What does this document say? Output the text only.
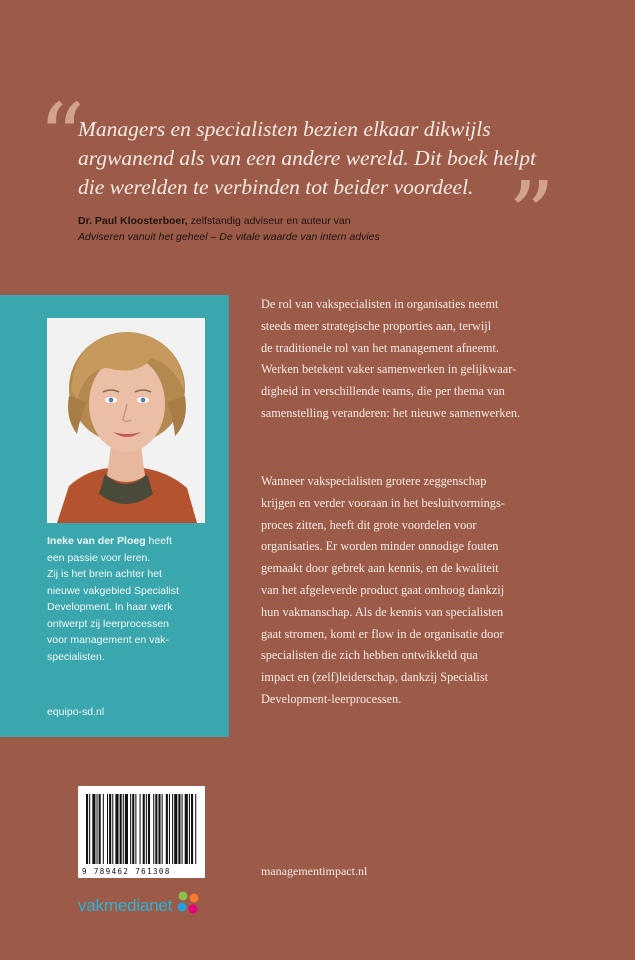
“
Managers en specialisten bezien elkaar dikwijls
argwanend als van een andere wereld. Dit boek helpt
die werelden te verbinden tot beider voordeel. ”
Dr. Paul Kloosterboer, zelfstandig adviseur en auteur van
Adviseren vanuit het geheel – De vitale waarde van intern advies
Ineke van der Ploeg heeft
een passie voor leren.
Zij is het brein achter het
nieuwe vakgebied Specialist
Development. In haar werk
ontwerpt zij leerprocessen
voor management en vak-
specialisten.
equipo-sd.nl
De rol van vakspecialisten in organisaties neemt
steeds meer strategische proporties aan, terwijl
de traditionele rol van het management afneemt.
Werken betekent vaker samenwerken in gelijkwaar-
digheid in verschillende teams, die per thema van
samenstelling veranderen: het nieuwe samenwerken.
Wanneer vakspecialisten grotere zeggenschap
krijgen en verder vooraan in het besluitvormings-
proces zitten, heeft dit grote voordelen voor
organisaties. Er worden minder onnodige fouten
gemaakt door gebrek aan kennis, en de kwaliteit
van het afgeleverde product gaat omhoog dankzij
hun vakmanschap. Als de kennis van specialisten
gaat stromen, komt er flow in de organisatie door
specialisten die zich hebben ontwikkeld qua
impact en (zelf)leiderschap, dankzij Specialist
Development-leerprocessen.
9 789462 761308	managementimpact.nl
vakmedianet
